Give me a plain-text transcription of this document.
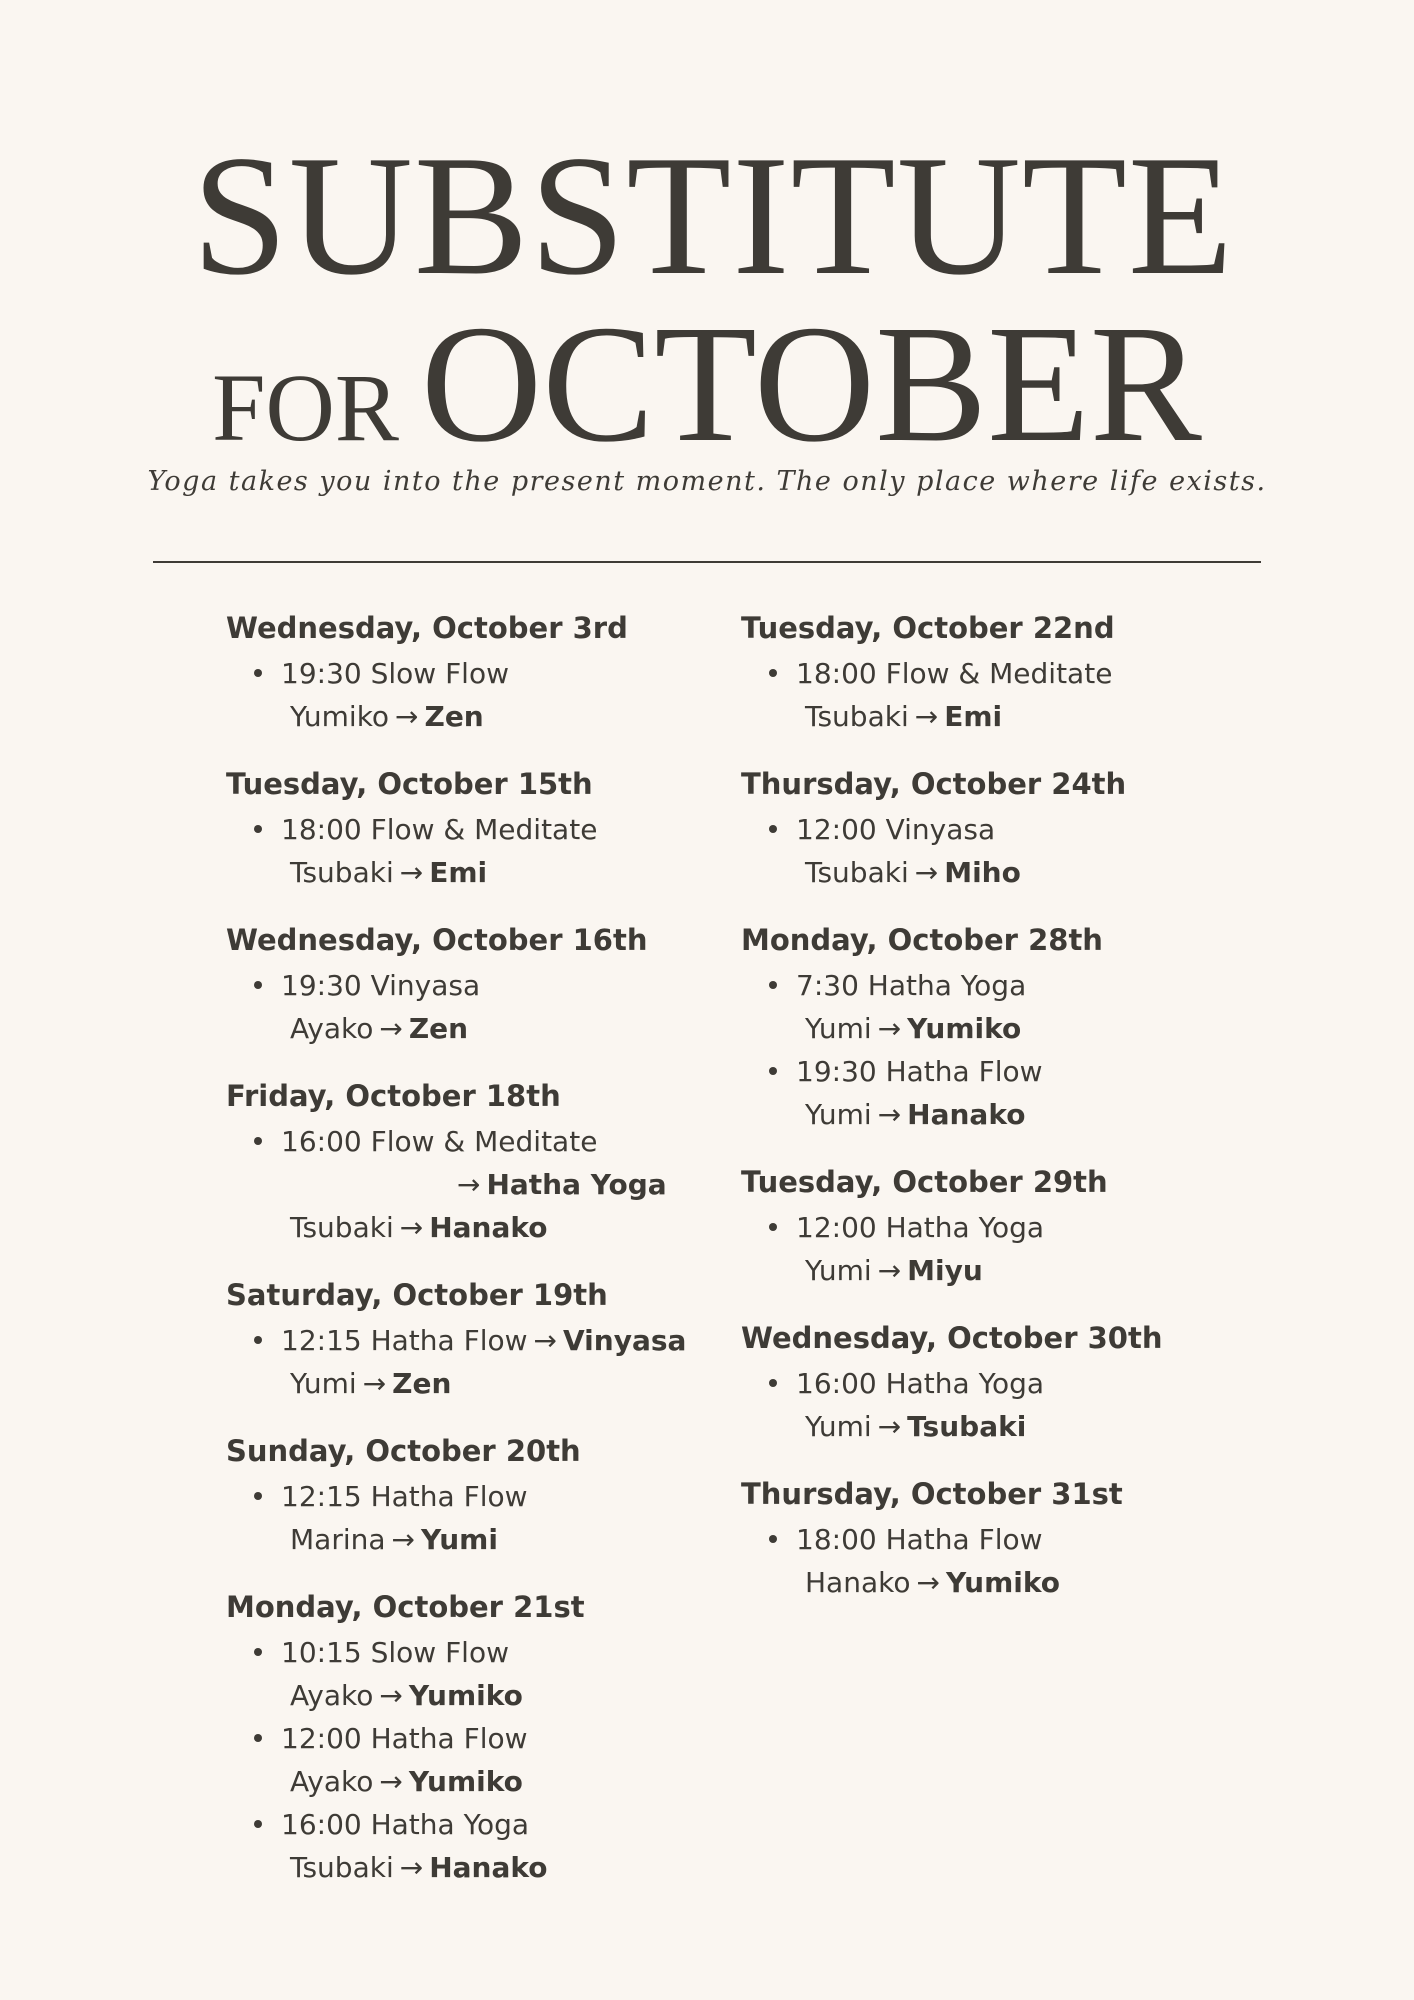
SUBSTITUTE
FOR OCTOBER
Yoga takes you into the present moment. The only place where life exists.
Wednesday, October 3rd
19:30 Slow Flow
Yumiko → Zen
Tuesday, October 15th
18:00 Flow & Meditate
Tsubaki → Emi
Wednesday, October 16th
19:30 Vinyasa
Ayako → Zen
Friday, October 18th
16:00 Flow & Meditate
→ Hatha Yoga
Tsubaki → Hanako
Saturday, October 19th
12:15 Hatha Flow → Vinyasa
Yumi → Zen
Sunday, October 20th
12:15 Hatha Flow
Marina → Yumi
Monday, October 21st
10:15 Slow Flow
Ayako → Yumiko
12:00 Hatha Flow
Ayako → Yumiko
16:00 Hatha Yoga
Tsubaki → Hanako
Tuesday, October 22nd
18:00 Flow & Meditate
Tsubaki → Emi
Thursday, October 24th
12:00 Vinyasa
Tsubaki → Miho
Monday, October 28th
7:30 Hatha Yoga
Yumi → Yumiko
19:30 Hatha Flow
Yumi → Hanako
Tuesday, October 29th
12:00 Hatha Yoga
Yumi → Miyu
Wednesday, October 30th
16:00 Hatha Yoga
Yumi → Tsubaki
Thursday, October 31st
18:00 Hatha Flow
Hanako → Yumiko
